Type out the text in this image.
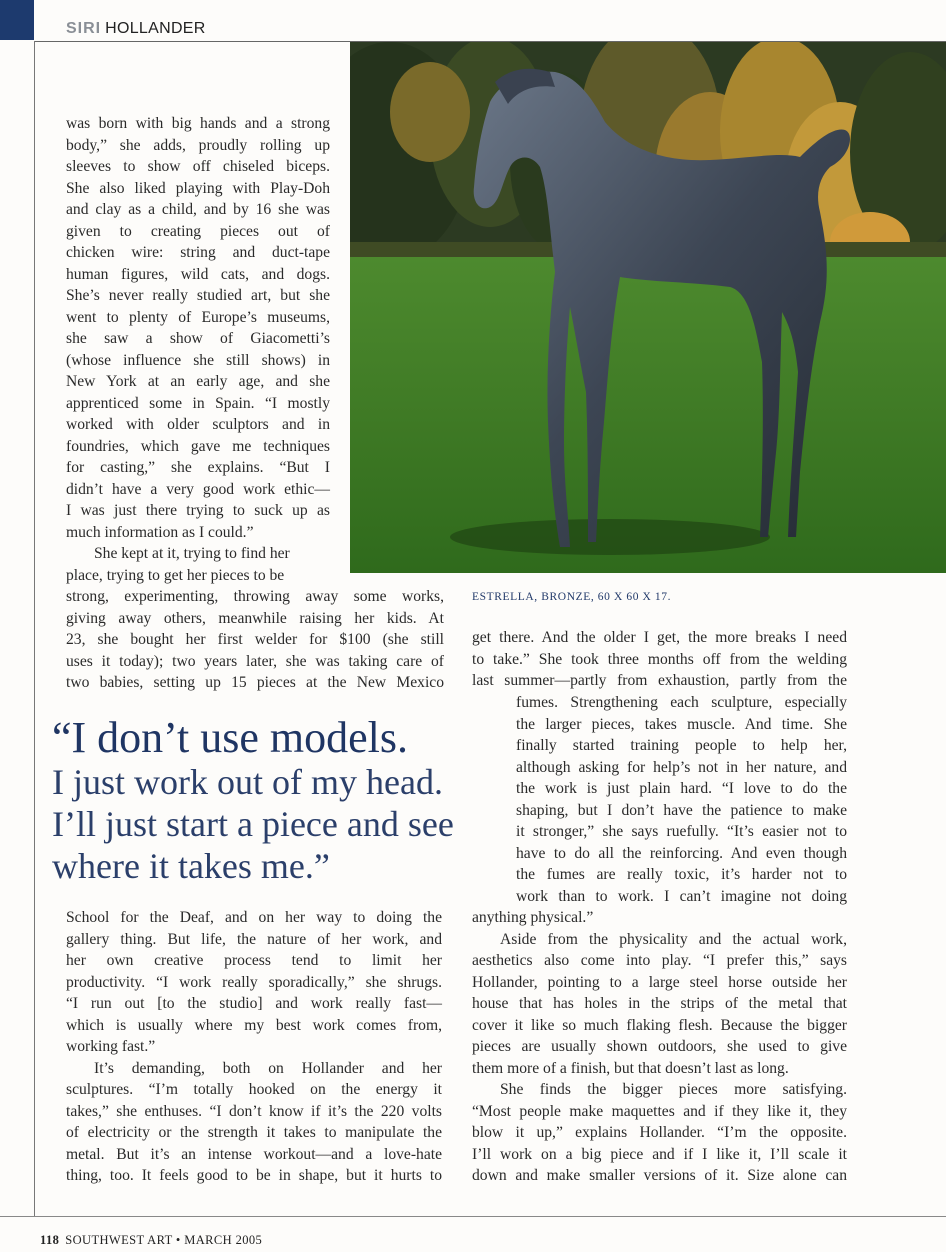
SIRI HOLLANDER
ESTRELLA, BRONZE, 60 X 60 X 17.

was born with big hands and a strong

body,” she adds, proudly rolling up

sleeves to show off chiseled biceps.

She also liked playing with Play-Doh

and clay as a child, and by 16 she was

given to creating pieces out of

chicken wire: string and duct-tape

human figures, wild cats, and dogs.

She’s never really studied art, but she

went to plenty of Europe’s museums,

she saw a show of Giacometti’s

(whose influence she still shows) in

New York at an early age, and she

apprenticed some in Spain. “I mostly

worked with older sculptors and in

foundries, which gave me techniques

for casting,” she explains. “But I

didn’t have a very good work ethic—

I was just there trying to suck up as

much information as I could.”

She kept at it, trying to find her

place, trying to get her pieces to be

strong, experimenting, throwing away some works,

giving away others, meanwhile raising her kids. At

23, she bought her first welder for $100 (she still

uses it today); two years later, she was taking care of

two babies, setting up 15 pieces at the New Mexico

“I don’t use models.
I just work out of my head.
I’ll just start a piece and see
where it takes me.”

School for the Deaf, and on her way to doing the

gallery thing. But life, the nature of her work, and

her own creative process tend to limit her

productivity. “I work really sporadically,” she shrugs.

“I run out [to the studio] and work really fast—

which is usually where my best work comes from,

working fast.”

It’s demanding, both on Hollander and her

sculptures. “I’m totally hooked on the energy it

takes,” she enthuses. “I don’t know if it’s the 220 volts

of electricity or the strength it takes to manipulate the

metal. But it’s an intense workout—and a love-hate

thing, too. It feels good to be in shape, but it hurts to

get there. And the older I get, the more breaks I need

to take.” She took three months off from the welding

last summer—partly from exhaustion, partly from the

fumes. Strengthening each sculpture, especially

the larger pieces, takes muscle. And time. She

finally started training people to help her,

although asking for help’s not in her nature, and

the work is just plain hard. “I love to do the

shaping, but I don’t have the patience to make

it stronger,” she says ruefully. “It’s easier not to

have to do all the reinforcing. And even though

the fumes are really toxic, it’s harder not to

work than to work. I can’t imagine not doing

anything physical.”

Aside from the physicality and the actual work,

aesthetics also come into play. “I prefer this,” says

Hollander, pointing to a large steel horse outside her

house that has holes in the strips of the metal that

cover it like so much flaking flesh. Because the bigger

pieces are usually shown outdoors, she used to give

them more of a finish, but that doesn’t last as long.

She finds the bigger pieces more satisfying.

“Most people make maquettes and if they like it, they

blow it up,” explains Hollander. “I’m the opposite.

I’ll work on a big piece and if I like it, I’ll scale it

down and make smaller versions of it. Size alone can

118 SOUTHWEST ART • MARCH 2005
